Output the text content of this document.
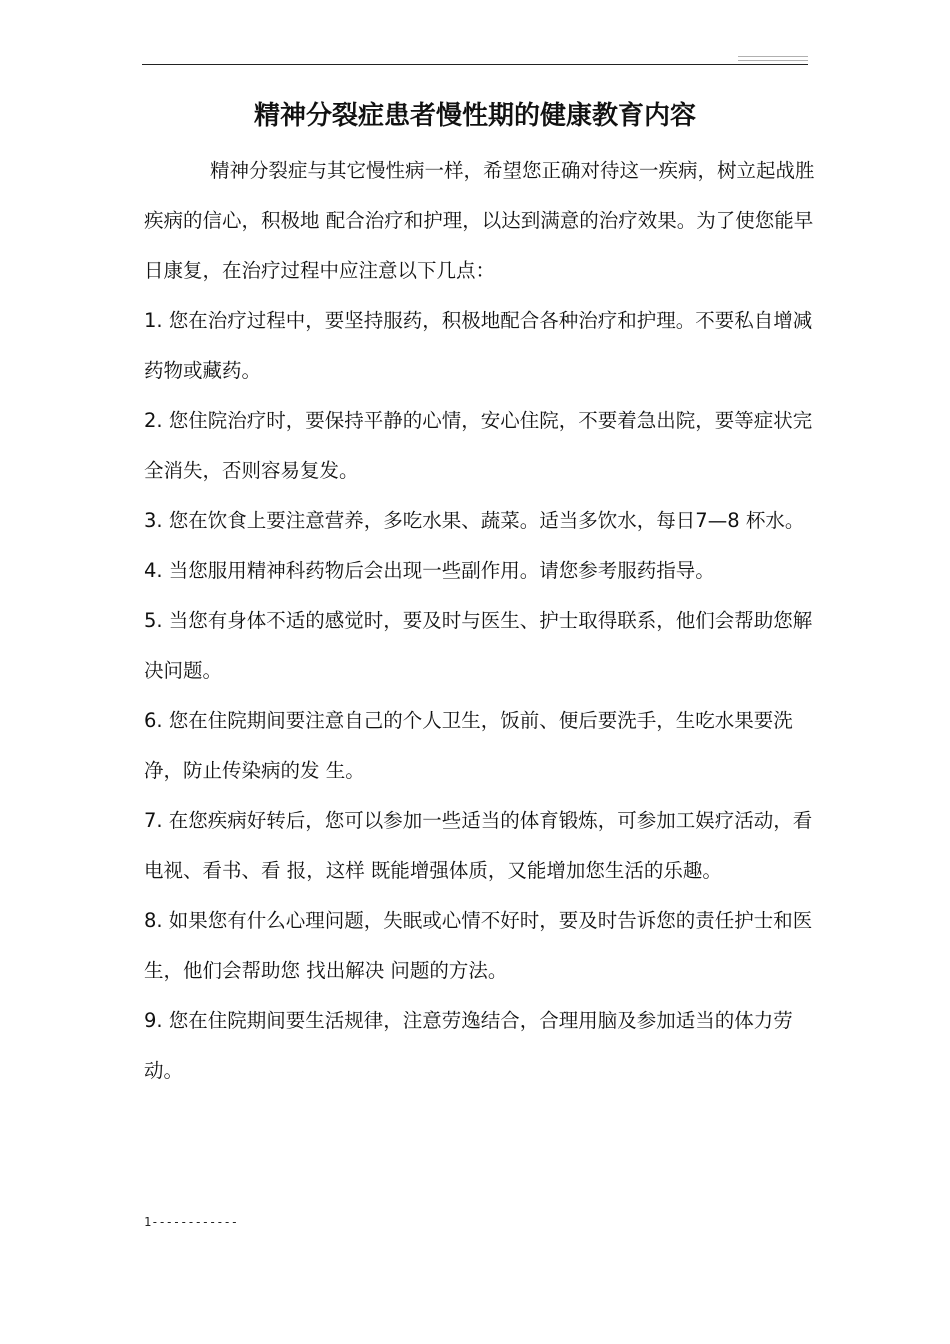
精神分裂症患者慢性期的健康教育内容

精神分裂症与其它慢性病一样，希望您正确对待这一疾病，树立起战胜疾病的信心，积极地 配合治疗和护理，以达到满意的治疗效果。为了使您能早日康复，在治疗过程中应注意以下几点：

1. 您在治疗过程中，要坚持服药，积极地配合各种治疗和护理。不要私自增减药物或藏药。

2. 您住院治疗时，要保持平静的心情，安心住院，不要着急出院，要等症状完全消失，否则容易复发。

3. 您在饮食上要注意营养，多吃水果、蔬菜。适当多饮水，每日7—8 杯水。

4. 当您服用精神科药物后会出现一些副作用。请您参考服药指导。

5. 当您有身体不适的感觉时，要及时与医生、护士取得联系，他们会帮助您解决问题。

6. 您在住院期间要注意自己的个人卫生，饭前、便后要洗手，生吃水果要洗净，防止传染病的发 生。

7. 在您疾病好转后，您可以参加一些适当的体育锻炼，可参加工娱疗活动，看电视、看书、看 报，这样 既能增强体质，又能增加您生活的乐趣。

8. 如果您有什么心理问题，失眠或心情不好时，要及时告诉您的责任护士和医生，他们会帮助您 找出解决 问题的方法。

9. 您在住院期间要生活规律，注意劳逸结合，合理用脑及参加适当的体力劳动。

1------------
